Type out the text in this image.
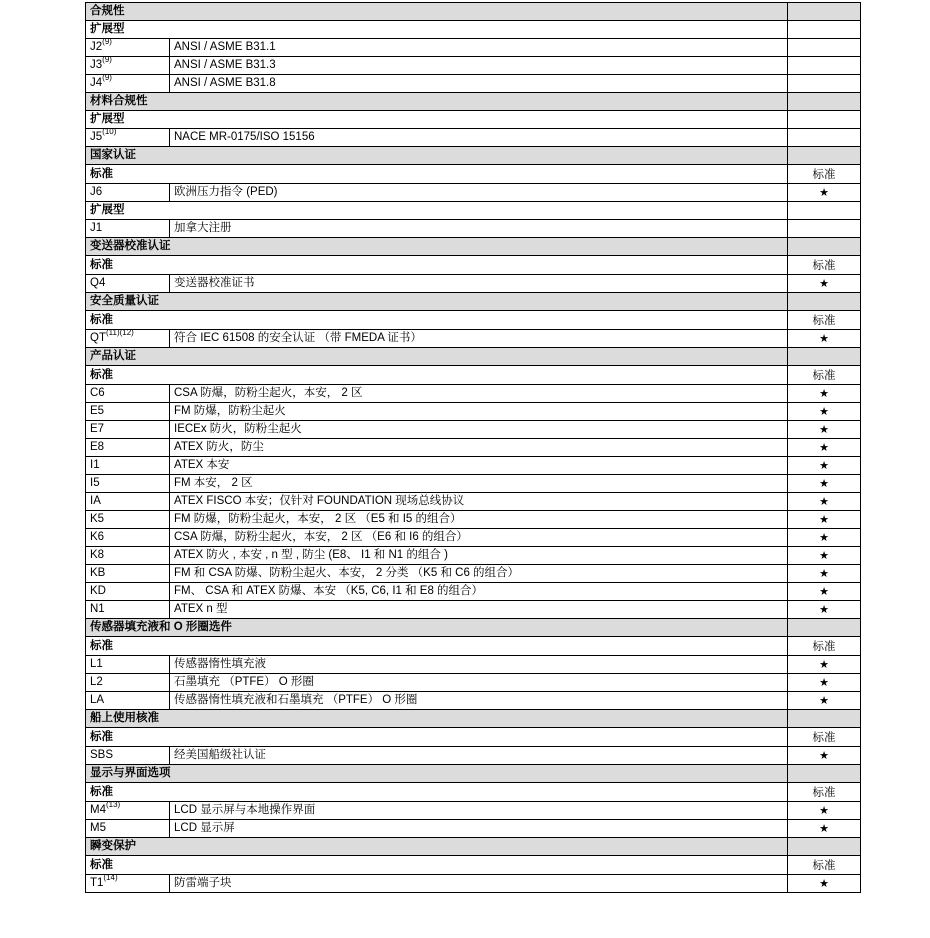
合规性		
扩展型		
J2$^{(9)}$	ANSI / ASME B31.1	
J3$^{(9)}$	ANSI / ASME B31.3	
J4$^{(9)}$	ANSI / ASME B31.8	
材料合规性		
扩展型		
J5$^{(10)}$	NACE MR-0175/ISO 15156	
国家认证		
标准		标准
J6	欧洲压力指令 (PED)	★
扩展型		
J1	加拿大注册	
变送器校准认证		
标准		标准
Q4	变送器校准证书	★
安全质量认证		
标准		标准
$QT^{(11)(12)}$	符合 IEC 61508 的安全认证 （带 FMEDA 证书）	★
产品认证		
标准		标准
C6	CSA 防爆，防粉尘起火，本安， 2 区	★
E5	FM 防爆，防粉尘起火	★
E7	IECEx 防火，防粉尘起火	★
E8	ATEX 防火，防尘	★
I1	ATEX 本安	★
I5	FM 本安， 2 区	★
IA	ATEX FISCO 本安；仅针对 FOUNDATION 现场总线协议	★
K5	FM 防爆，防粉尘起火，本安， 2 区 （E5 和 I5 的组合）	★
K6	CSA 防爆，防粉尘起火，本安， 2 区 （E6 和 I6 的组合）	★
K8	ATEX 防火 , 本安 , n 型 , 防尘 (E8、 I1 和 N1 的组合 )	★
KB	FM 和 CSA 防爆、防粉尘起火、本安， 2 分类 （K5 和 C6 的组合）	★
KD	FM、 CSA 和 ATEX 防爆、本安 （K5, C6, I1 和 E8 的组合）	★
N1	ATEX n 型	★
传感器填充液和 O 形圈选件		
标准		标准
L1	传感器惰性填充液	★
L2	石墨填充 （PTFE） O 形圈	★
LA	传感器惰性填充液和石墨填充 （PTFE） O 形圈	★
船上使用核准		
标准		标准
SBS	经美国船级社认证	★
显示与界面选项		
标准		标准
M4$^{(13)}$	LCD 显示屏与本地操作界面	★
M5	LCD 显示屏	★
瞬变保护		
标准		标准
T1$^{(14)}$	防雷端子块	★
